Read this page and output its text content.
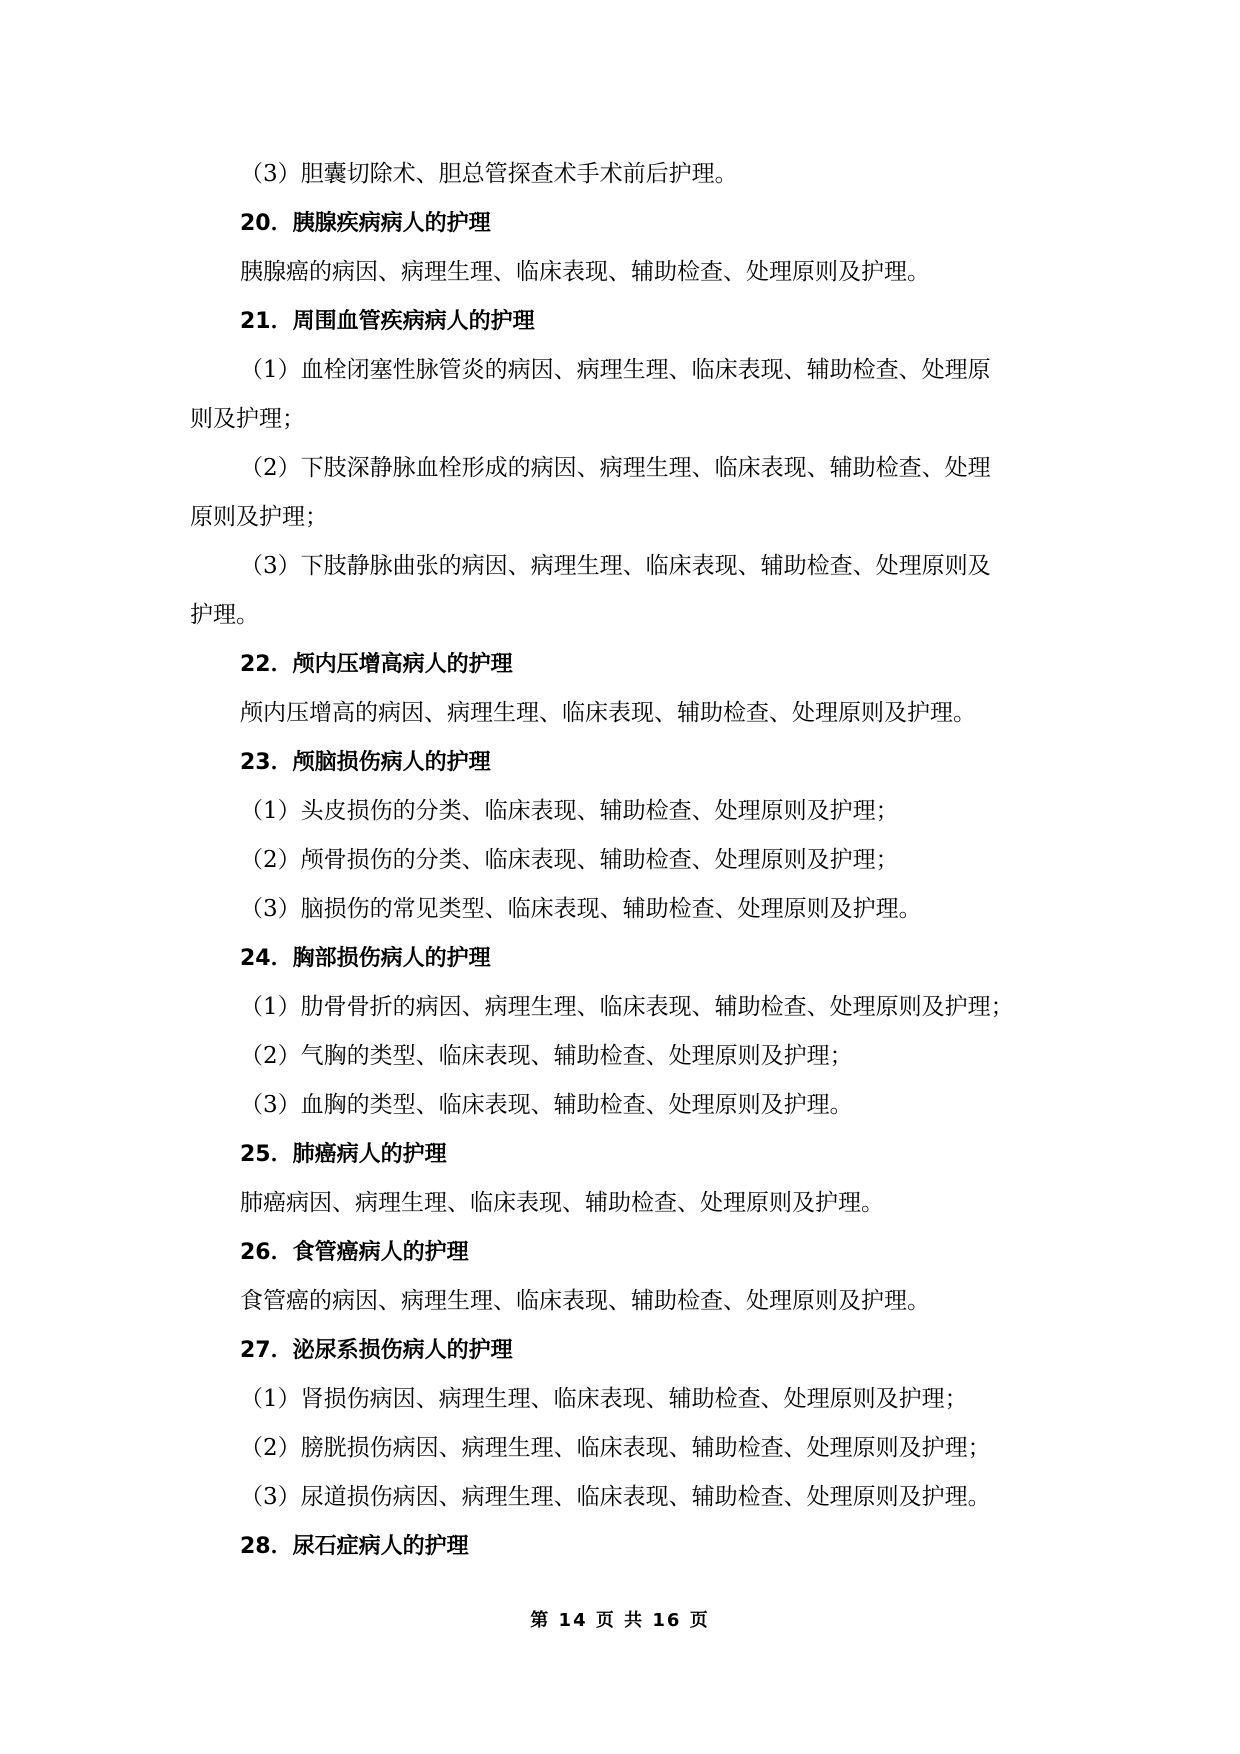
（3）胆囊切除术、胆总管探查术手术前后护理。
20．胰腺疾病病人的护理
胰腺癌的病因、病理生理、临床表现、辅助检查、处理原则及护理。
21．周围血管疾病病人的护理
（1）血栓闭塞性脉管炎的病因、病理生理、临床表现、辅助检查、处理原
则及护理；
（2）下肢深静脉血栓形成的病因、病理生理、临床表现、辅助检查、处理
原则及护理；
（3）下肢静脉曲张的病因、病理生理、临床表现、辅助检查、处理原则及
护理。
22．颅内压增高病人的护理
颅内压增高的病因、病理生理、临床表现、辅助检查、处理原则及护理。
23．颅脑损伤病人的护理
（1）头皮损伤的分类、临床表现、辅助检查、处理原则及护理；
（2）颅骨损伤的分类、临床表现、辅助检查、处理原则及护理；
（3）脑损伤的常见类型、临床表现、辅助检查、处理原则及护理。
24．胸部损伤病人的护理
（1）肋骨骨折的病因、病理生理、临床表现、辅助检查、处理原则及护理；
（2）气胸的类型、临床表现、辅助检查、处理原则及护理；
（3）血胸的类型、临床表现、辅助检查、处理原则及护理。
25．肺癌病人的护理
肺癌病因、病理生理、临床表现、辅助检查、处理原则及护理。
26．食管癌病人的护理
食管癌的病因、病理生理、临床表现、辅助检查、处理原则及护理。
27．泌尿系损伤病人的护理
（1）肾损伤病因、病理生理、临床表现、辅助检查、处理原则及护理；
（2）膀胱损伤病因、病理生理、临床表现、辅助检查、处理原则及护理；
（3）尿道损伤病因、病理生理、临床表现、辅助检查、处理原则及护理。
28．尿石症病人的护理
第 14 页 共 16 页
